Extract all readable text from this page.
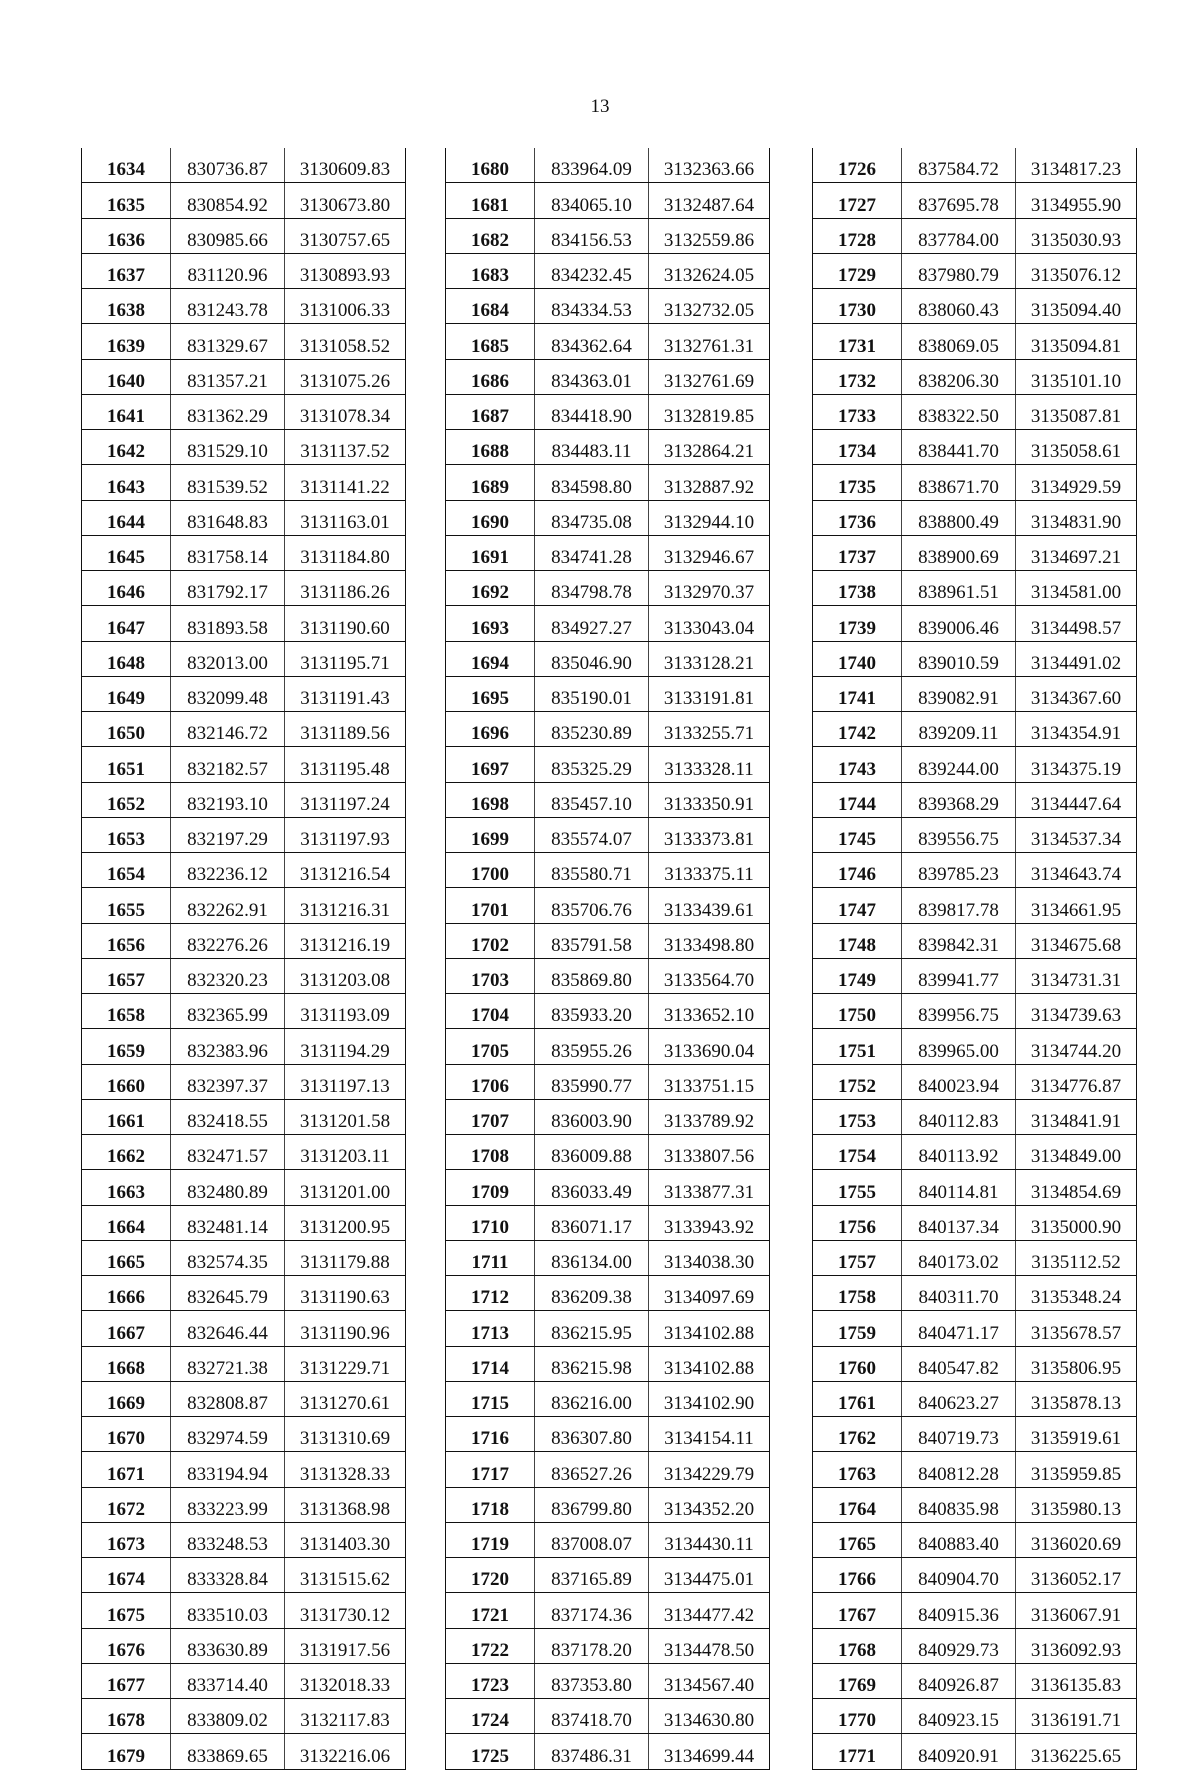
13
1634	830736.87	3130609.83
1635	830854.92	3130673.80
1636	830985.66	3130757.65
1637	831120.96	3130893.93
1638	831243.78	3131006.33
1639	831329.67	3131058.52
1640	831357.21	3131075.26
1641	831362.29	3131078.34
1642	831529.10	3131137.52
1643	831539.52	3131141.22
1644	831648.83	3131163.01
1645	831758.14	3131184.80
1646	831792.17	3131186.26
1647	831893.58	3131190.60
1648	832013.00	3131195.71
1649	832099.48	3131191.43
1650	832146.72	3131189.56
1651	832182.57	3131195.48
1652	832193.10	3131197.24
1653	832197.29	3131197.93
1654	832236.12	3131216.54
1655	832262.91	3131216.31
1656	832276.26	3131216.19
1657	832320.23	3131203.08
1658	832365.99	3131193.09
1659	832383.96	3131194.29
1660	832397.37	3131197.13
1661	832418.55	3131201.58
1662	832471.57	3131203.11
1663	832480.89	3131201.00
1664	832481.14	3131200.95
1665	832574.35	3131179.88
1666	832645.79	3131190.63
1667	832646.44	3131190.96
1668	832721.38	3131229.71
1669	832808.87	3131270.61
1670	832974.59	3131310.69
1671	833194.94	3131328.33
1672	833223.99	3131368.98
1673	833248.53	3131403.30
1674	833328.84	3131515.62
1675	833510.03	3131730.12
1676	833630.89	3131917.56
1677	833714.40	3132018.33
1678	833809.02	3132117.83
1679	833869.65	3132216.06
1680	833964.09	3132363.66
1681	834065.10	3132487.64
1682	834156.53	3132559.86
1683	834232.45	3132624.05
1684	834334.53	3132732.05
1685	834362.64	3132761.31
1686	834363.01	3132761.69
1687	834418.90	3132819.85
1688	834483.11	3132864.21
1689	834598.80	3132887.92
1690	834735.08	3132944.10
1691	834741.28	3132946.67
1692	834798.78	3132970.37
1693	834927.27	3133043.04
1694	835046.90	3133128.21
1695	835190.01	3133191.81
1696	835230.89	3133255.71
1697	835325.29	3133328.11
1698	835457.10	3133350.91
1699	835574.07	3133373.81
1700	835580.71	3133375.11
1701	835706.76	3133439.61
1702	835791.58	3133498.80
1703	835869.80	3133564.70
1704	835933.20	3133652.10
1705	835955.26	3133690.04
1706	835990.77	3133751.15
1707	836003.90	3133789.92
1708	836009.88	3133807.56
1709	836033.49	3133877.31
1710	836071.17	3133943.92
1711	836134.00	3134038.30
1712	836209.38	3134097.69
1713	836215.95	3134102.88
1714	836215.98	3134102.88
1715	836216.00	3134102.90
1716	836307.80	3134154.11
1717	836527.26	3134229.79
1718	836799.80	3134352.20
1719	837008.07	3134430.11
1720	837165.89	3134475.01
1721	837174.36	3134477.42
1722	837178.20	3134478.50
1723	837353.80	3134567.40
1724	837418.70	3134630.80
1725	837486.31	3134699.44
1726	837584.72	3134817.23
1727	837695.78	3134955.90
1728	837784.00	3135030.93
1729	837980.79	3135076.12
1730	838060.43	3135094.40
1731	838069.05	3135094.81
1732	838206.30	3135101.10
1733	838322.50	3135087.81
1734	838441.70	3135058.61
1735	838671.70	3134929.59
1736	838800.49	3134831.90
1737	838900.69	3134697.21
1738	838961.51	3134581.00
1739	839006.46	3134498.57
1740	839010.59	3134491.02
1741	839082.91	3134367.60
1742	839209.11	3134354.91
1743	839244.00	3134375.19
1744	839368.29	3134447.64
1745	839556.75	3134537.34
1746	839785.23	3134643.74
1747	839817.78	3134661.95
1748	839842.31	3134675.68
1749	839941.77	3134731.31
1750	839956.75	3134739.63
1751	839965.00	3134744.20
1752	840023.94	3134776.87
1753	840112.83	3134841.91
1754	840113.92	3134849.00
1755	840114.81	3134854.69
1756	840137.34	3135000.90
1757	840173.02	3135112.52
1758	840311.70	3135348.24
1759	840471.17	3135678.57
1760	840547.82	3135806.95
1761	840623.27	3135878.13
1762	840719.73	3135919.61
1763	840812.28	3135959.85
1764	840835.98	3135980.13
1765	840883.40	3136020.69
1766	840904.70	3136052.17
1767	840915.36	3136067.91
1768	840929.73	3136092.93
1769	840926.87	3136135.83
1770	840923.15	3136191.71
1771	840920.91	3136225.65
